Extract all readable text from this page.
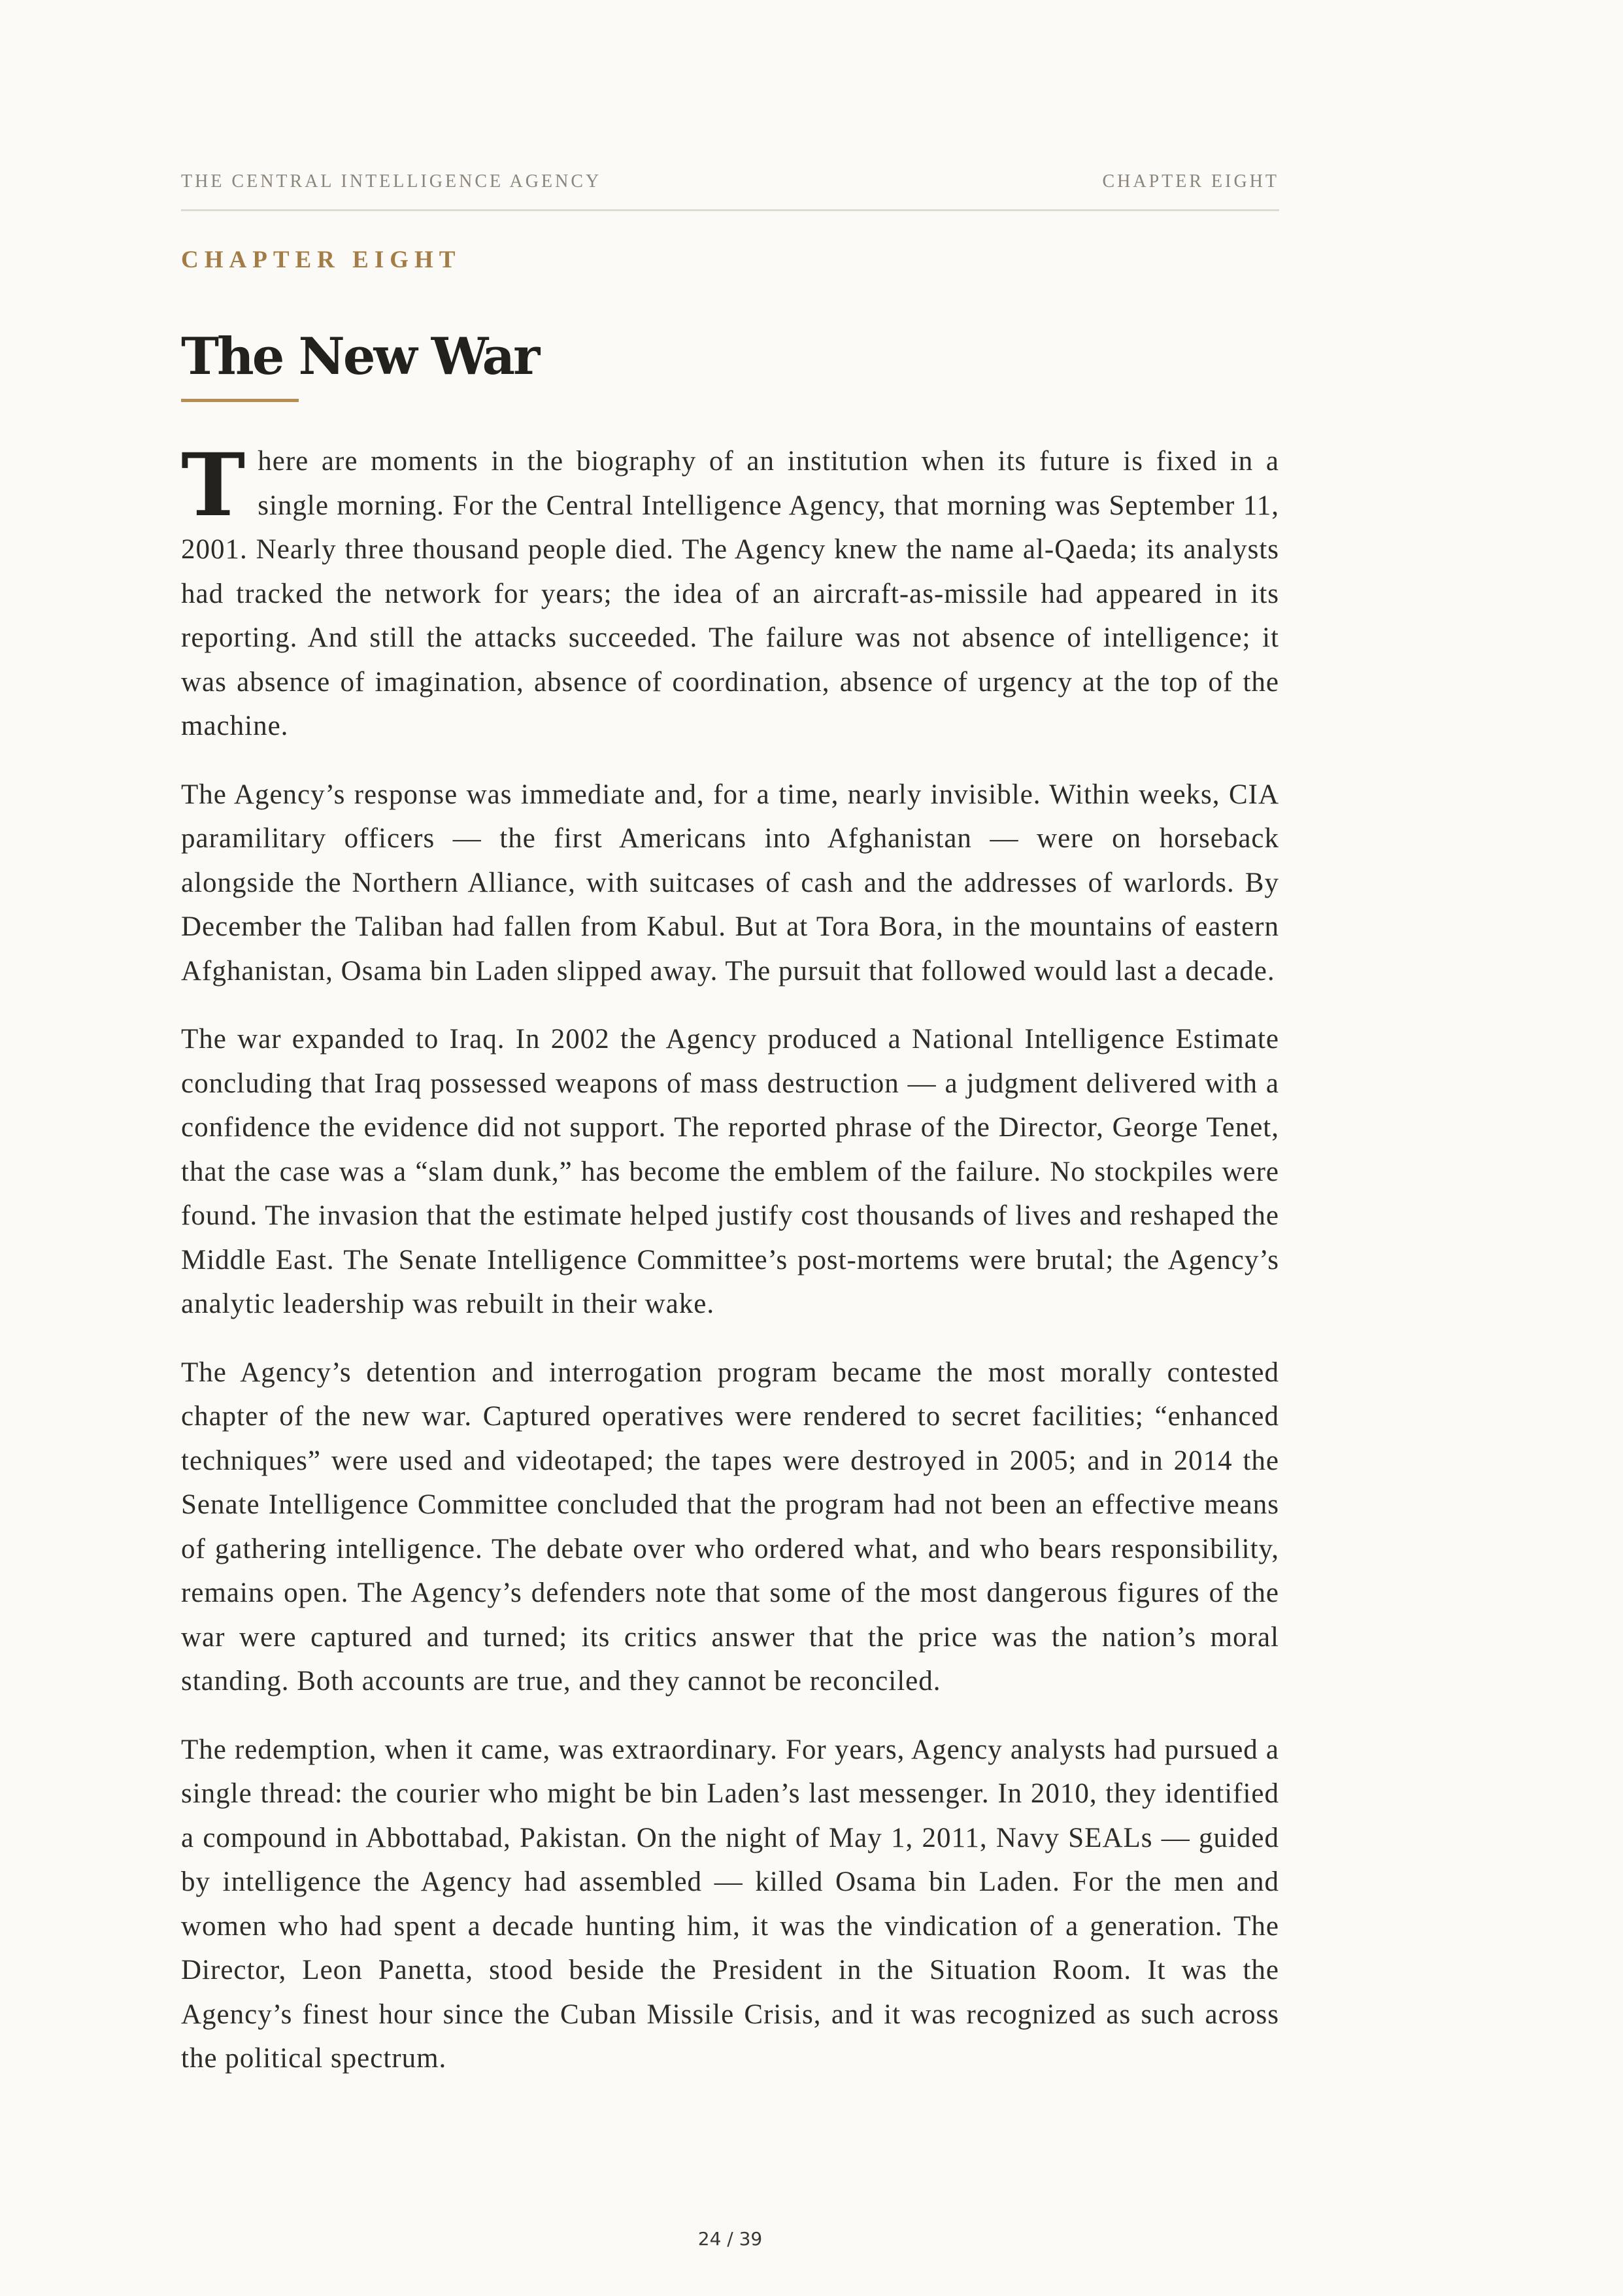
THE CENTRAL INTELLIGENCE AGENCY	CHAPTER EIGHT
CHAPTER EIGHT
The New War

There are moments in the biography of an institution when its future is fixed in a single morning. For the Central Intelligence Agency, that morning was September 11, 2001. Nearly three thousand people died. The Agency knew the name al-Qaeda; its analysts had tracked the network for years; the idea of an aircraft-as-missile had appeared in its reporting. And still the attacks succeeded. The failure was not absence of intelligence; it was absence of imagination, absence of coordination, absence of urgency at the top of the machine.

The Agency’s response was immediate and, for a time, nearly invisible. Within weeks, CIA paramilitary officers — the first Americans into Afghanistan — were on horseback alongside the Northern Alliance, with suitcases of cash and the addresses of warlords. By December the Taliban had fallen from Kabul. But at Tora Bora, in the mountains of eastern Afghanistan, Osama bin Laden slipped away. The pursuit that followed would last a decade.

The war expanded to Iraq. In 2002 the Agency produced a National Intelligence Estimate concluding that Iraq possessed weapons of mass destruction — a judgment delivered with a confidence the evidence did not support. The reported phrase of the Director, George Tenet, that the case was a “slam dunk,” has become the emblem of the failure. No stockpiles were found. The invasion that the estimate helped justify cost thousands of lives and reshaped the Middle East. The Senate Intelligence Committee’s post-mortems were brutal; the Agency’s analytic leadership was rebuilt in their wake.

The Agency’s detention and interrogation program became the most morally contested chapter of the new war. Captured operatives were rendered to secret facilities; “enhanced techniques” were used and videotaped; the tapes were destroyed in 2005; and in 2014 the Senate Intelligence Committee concluded that the program had not been an effective means of gathering intelligence. The debate over who ordered what, and who bears responsibility, remains open. The Agency’s defenders note that some of the most dangerous figures of the war were captured and turned; its critics answer that the price was the nation’s moral standing. Both accounts are true, and they cannot be reconciled.

The redemption, when it came, was extraordinary. For years, Agency analysts had pursued a single thread: the courier who might be bin Laden’s last messenger. In 2010, they identified a compound in Abbottabad, Pakistan. On the night of May 1, 2011, Navy SEALs — guided by intelligence the Agency had assembled — killed Osama bin Laden. For the men and women who had spent a decade hunting him, it was the vindication of a generation. The Director, Leon Panetta, stood beside the President in the Situation Room. It was the Agency’s finest hour since the Cuban Missile Crisis, and it was recognized as such across the political spectrum.

24 / 39
